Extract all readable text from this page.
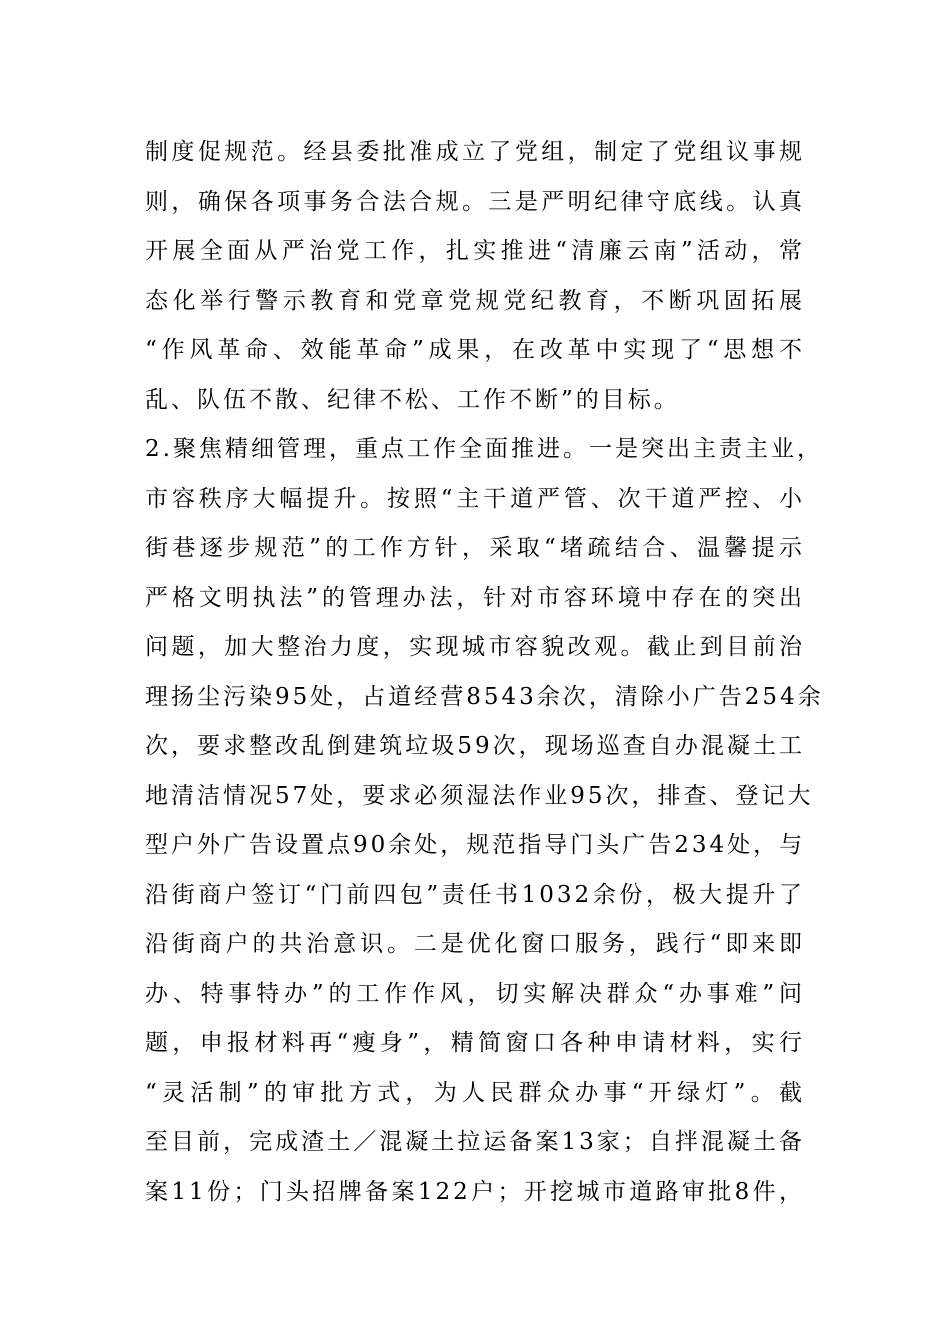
制度促规范。经县委批准成立了党组，制定了党组议事规
则，确保各项事务合法合规。三是严明纪律守底线。认真
开展全面从严治党工作，扎实推进“清廉云南”活动，常
态化举行警示教育和党章党规党纪教育，不断巩固拓展
“作风革命、效能革命”成果，在改革中实现了“思想不
乱、队伍不散、纪律不松、工作不断”的目标。
2.聚焦精细管理，重点工作全面推进。一是突出主责主业，
市容秩序大幅提升。按照“主干道严管、次干道严控、小
街巷逐步规范”的工作方针，采取“堵疏结合、温馨提示
严格文明执法”的管理办法，针对市容环境中存在的突出
问题，加大整治力度，实现城市容貌改观。截止到目前治
理扬尘污染95处，占道经营8543余次，清除小广告254余
次，要求整改乱倒建筑垃圾59次，现场巡查自办混凝土工
地清洁情况57处，要求必须湿法作业95次，排查、登记大
型户外广告设置点90余处，规范指导门头广告234处，与
沿街商户签订“门前四包”责任书1032余份，极大提升了
沿街商户的共治意识。二是优化窗口服务，践行“即来即
办、特事特办”的工作作风，切实解决群众“办事难”问
题，申报材料再“瘦身”，精简窗口各种申请材料，实行
“灵活制”的审批方式，为人民群众办事“开绿灯”。截
至目前，完成渣土／混凝土拉运备案13家；自拌混凝土备
案11份；门头招牌备案122户；开挖城市道路审批8件，
